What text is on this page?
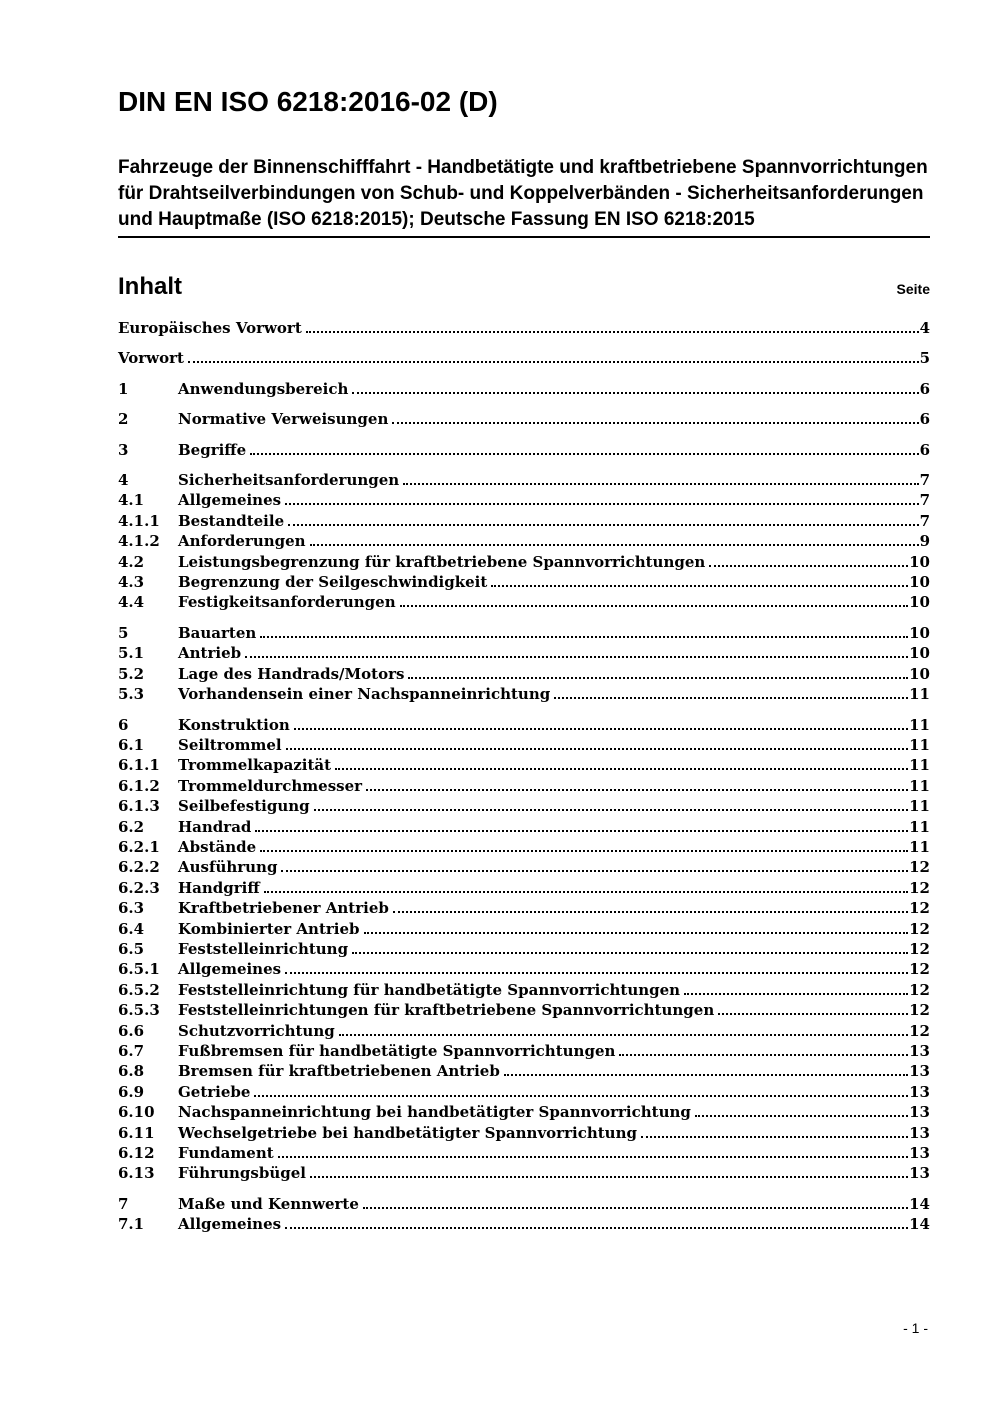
DIN EN ISO 6218:2016-02 (D)

Fahrzeuge der Binnenschifffahrt - Handbetätigte und kraftbetriebene Spannvorrichtungen für Drahtseilverbindungen von Schub- und Koppelverbänden - Sicherheitsanforderungen und Hauptmaße (ISO 6218:2015); Deutsche Fassung EN ISO 6218:2015

Inhalt	Seite
Europäisches Vorwort	4
Vorwort	5
1	Anwendungsbereich	6
2	Normative Verweisungen	6
3	Begriffe	6
4	Sicherheitsanforderungen	7
4.1	Allgemeines	7
4.1.1	Bestandteile	7
4.1.2	Anforderungen	9
4.2	Leistungsbegrenzung für kraftbetriebene Spannvorrichtungen	10
4.3	Begrenzung der Seilgeschwindigkeit	10
4.4	Festigkeitsanforderungen	10
5	Bauarten	10
5.1	Antrieb	10
5.2	Lage des Handrads/Motors	10
5.3	Vorhandensein einer Nachspanneinrichtung	11
6	Konstruktion	11
6.1	Seiltrommel	11
6.1.1	Trommelkapazität	11
6.1.2	Trommeldurchmesser	11
6.1.3	Seilbefestigung	11
6.2	Handrad	11
6.2.1	Abstände	11
6.2.2	Ausführung	12
6.2.3	Handgriff	12
6.3	Kraftbetriebener Antrieb	12
6.4	Kombinierter Antrieb	12
6.5	Feststelleinrichtung	12
6.5.1	Allgemeines	12
6.5.2	Feststelleinrichtung für handbetätigte Spannvorrichtungen	12
6.5.3	Feststelleinrichtungen für kraftbetriebene Spannvorrichtungen	12
6.6	Schutzvorrichtung	12
6.7	Fußbremsen für handbetätigte Spannvorrichtungen	13
6.8	Bremsen für kraftbetriebenen Antrieb	13
6.9	Getriebe	13
6.10	Nachspanneinrichtung bei handbetätigter Spannvorrichtung	13
6.11	Wechselgetriebe bei handbetätigter Spannvorrichtung	13
6.12	Fundament	13
6.13	Führungsbügel	13
7	Maße und Kennwerte	14
7.1	Allgemeines	14
- 1 -
